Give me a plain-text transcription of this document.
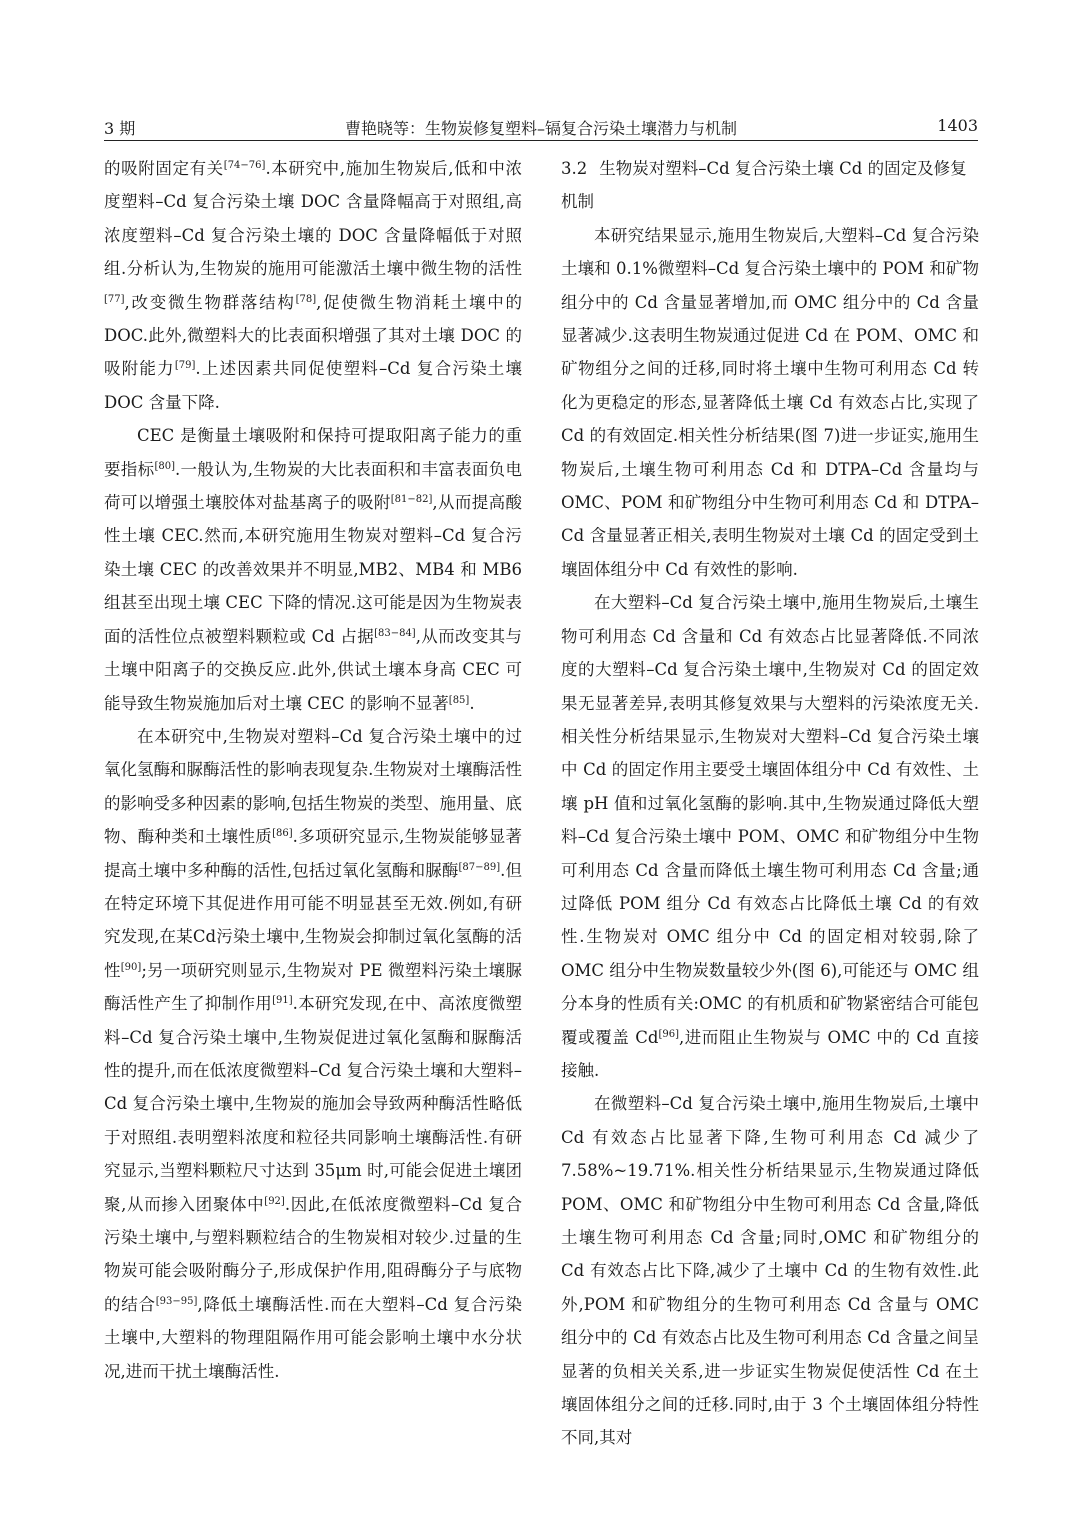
3 期	曹艳晓等：生物炭修复塑料–镉复合污染土壤潜力与机制	1403

的吸附固定有关[74−76].本研究中,施加生物炭后,低和中浓度塑料–Cd 复合污染土壤 DOC 含量降幅高于对照组,高浓度塑料–Cd 复合污染土壤的 DOC 含量降幅低于对照组.分析认为,生物炭的施用可能激活土壤中微生物的活性[77],改变微生物群落结构[78],促使微生物消耗土壤中的 DOC.此外,微塑料大的比表面积增强了其对土壤 DOC 的吸附能力[79].上述因素共同促使塑料–Cd 复合污染土壤 DOC 含量下降.

CEC 是衡量土壤吸附和保持可提取阳离子能力的重要指标[80].一般认为,生物炭的大比表面积和丰富表面负电荷可以增强土壤胶体对盐基离子的吸附[81−82],从而提高酸性土壤 CEC.然而,本研究施用生物炭对塑料–Cd 复合污染土壤 CEC 的改善效果并不明显,MB2、MB4 和 MB6 组甚至出现土壤 CEC 下降的情况.这可能是因为生物炭表面的活性位点被塑料颗粒或 Cd 占据[83−84],从而改变其与土壤中阳离子的交换反应.此外,供试土壤本身高 CEC 可能导致生物炭施加后对土壤 CEC 的影响不显著[85].

在本研究中,生物炭对塑料–Cd 复合污染土壤中的过氧化氢酶和脲酶活性的影响表现复杂.生物炭对土壤酶活性的影响受多种因素的影响,包括生物炭的类型、施用量、底物、酶种类和土壤性质[86].多项研究显示,生物炭能够显著提高土壤中多种酶的活性,包括过氧化氢酶和脲酶[87−89].但在特定环境下其促进作用可能不明显甚至无效.例如,有研究发现,在某Cd污染土壤中,生物炭会抑制过氧化氢酶的活性[90];另一项研究则显示,生物炭对 PE 微塑料污染土壤脲酶活性产生了抑制作用[91].本研究发现,在中、高浓度微塑料–Cd 复合污染土壤中,生物炭促进过氧化氢酶和脲酶活性的提升,而在低浓度微塑料–Cd 复合污染土壤和大塑料–Cd 复合污染土壤中,生物炭的施加会导致两种酶活性略低于对照组.表明塑料浓度和粒径共同影响土壤酶活性.有研究显示,当塑料颗粒尺寸达到 35μm 时,可能会促进土壤团聚,从而掺入团聚体中[92].因此,在低浓度微塑料–Cd 复合污染土壤中,与塑料颗粒结合的生物炭相对较少.过量的生物炭可能会吸附酶分子,形成保护作用,阻碍酶分子与底物的结合[93−95],降低土壤酶活性.而在大塑料–Cd 复合污染土壤中,大塑料的物理阻隔作用可能会影响土壤中水分状况,进而干扰土壤酶活性.

3.2 生物炭对塑料–Cd 复合污染土壤 Cd 的固定及修复机制

本研究结果显示,施用生物炭后,大塑料–Cd 复合污染土壤和 0.1%微塑料–Cd 复合污染土壤中的 POM 和矿物组分中的 Cd 含量显著增加,而 OMC 组分中的 Cd 含量显著减少.这表明生物炭通过促进 Cd 在 POM、OMC 和矿物组分之间的迁移,同时将土壤中生物可利用态 Cd 转化为更稳定的形态,显著降低土壤 Cd 有效态占比,实现了 Cd 的有效固定.相关性分析结果(图 7)进一步证实,施用生物炭后,土壤生物可利用态 Cd 和 DTPA–Cd 含量均与 OMC、POM 和矿物组分中生物可利用态 Cd 和 DTPA–Cd 含量显著正相关,表明生物炭对土壤 Cd 的固定受到土壤固体组分中 Cd 有效性的影响.

在大塑料–Cd 复合污染土壤中,施用生物炭后,土壤生物可利用态 Cd 含量和 Cd 有效态占比显著降低.不同浓度的大塑料–Cd 复合污染土壤中,生物炭对 Cd 的固定效果无显著差异,表明其修复效果与大塑料的污染浓度无关.相关性分析结果显示,生物炭对大塑料–Cd 复合污染土壤中 Cd 的固定作用主要受土壤固体组分中 Cd 有效性、土壤 pH 值和过氧化氢酶的影响.其中,生物炭通过降低大塑料–Cd 复合污染土壤中 POM、OMC 和矿物组分中生物可利用态 Cd 含量而降低土壤生物可利用态 Cd 含量;通过降低 POM 组分 Cd 有效态占比降低土壤 Cd 的有效性.生物炭对 OMC 组分中 Cd 的固定相对较弱,除了 OMC 组分中生物炭数量较少外(图 6),可能还与 OMC 组分本身的性质有关:OMC 的有机质和矿物紧密结合可能包覆或覆盖 Cd[96],进而阻止生物炭与 OMC 中的 Cd 直接接触.

在微塑料–Cd 复合污染土壤中,施用生物炭后,土壤中 Cd 有效态占比显著下降,生物可利用态 Cd 减少了 7.58%~19.71%.相关性分析结果显示,生物炭通过降低 POM、OMC 和矿物组分中生物可利用态 Cd 含量,降低土壤生物可利用态 Cd 含量;同时,OMC 和矿物组分的 Cd 有效态占比下降,减少了土壤中 Cd 的生物有效性.此外,POM 和矿物组分的生物可利用态 Cd 含量与 OMC 组分中的 Cd 有效态占比及生物可利用态 Cd 含量之间呈显著的负相关关系,进一步证实生物炭促使活性 Cd 在土壤固体组分之间的迁移.同时,由于 3 个土壤固体组分特性不同,其对
